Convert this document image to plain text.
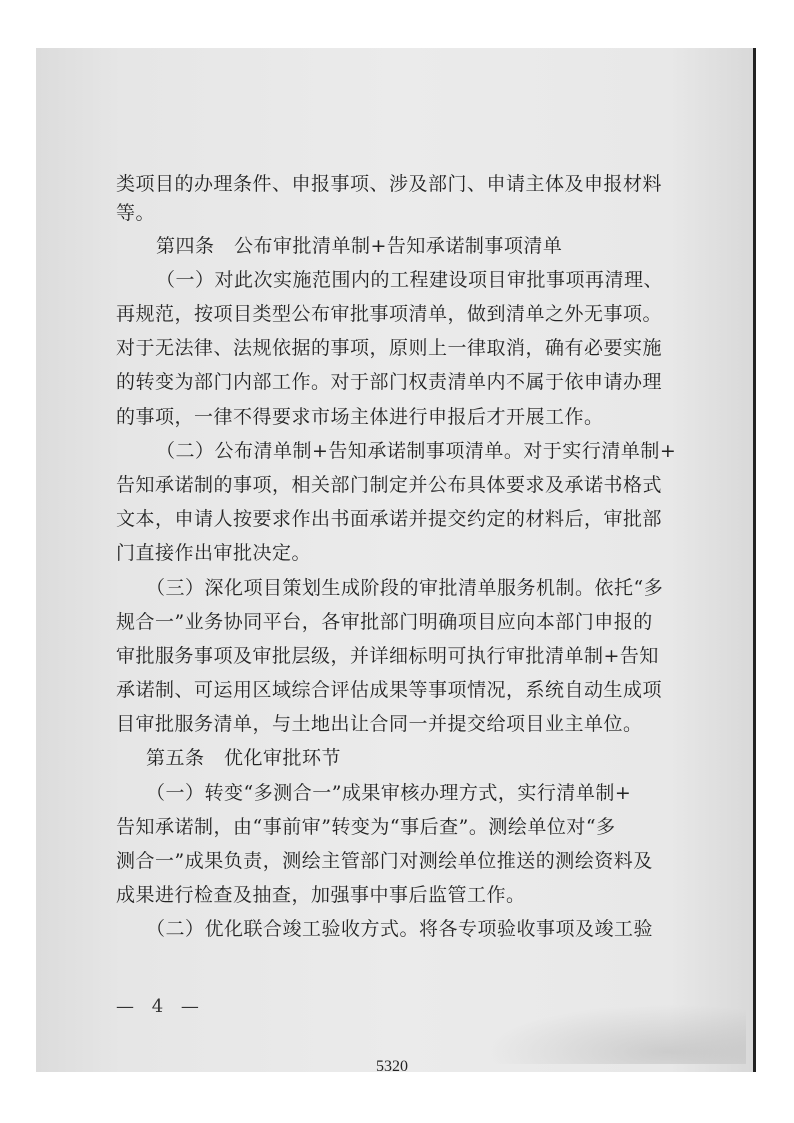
类项目的办理条件、申报事项、涉及部门、申请主体及申报材料
等。
第四条　公布审批清单制+告知承诺制事项清单
（一）对此次实施范围内的工程建设项目审批事项再清理、
再规范，按项目类型公布审批事项清单，做到清单之外无事项。
对于无法律、法规依据的事项，原则上一律取消，确有必要实施
的转变为部门内部工作。对于部门权责清单内不属于依申请办理
的事项，一律不得要求市场主体进行申报后才开展工作。
（二）公布清单制+告知承诺制事项清单。对于实行清单制+
告知承诺制的事项，相关部门制定并公布具体要求及承诺书格式
文本，申请人按要求作出书面承诺并提交约定的材料后，审批部
门直接作出审批决定。
（三）深化项目策划生成阶段的审批清单服务机制。依托“多
规合一”业务协同平台，各审批部门明确项目应向本部门申报的
审批服务事项及审批层级，并详细标明可执行审批清单制+告知
承诺制、可运用区域综合评估成果等事项情况，系统自动生成项
目审批服务清单，与土地出让合同一并提交给项目业主单位。
第五条　优化审批环节
（一）转变“多测合一”成果审核办理方式，实行清单制+
告知承诺制，由“事前审”转变为“事后查”。测绘单位对“多
测合一”成果负责，测绘主管部门对测绘单位推送的测绘资料及
成果进行检查及抽查，加强事中事后监管工作。
（二）优化联合竣工验收方式。将各专项验收事项及竣工验
— 4 —
5320
